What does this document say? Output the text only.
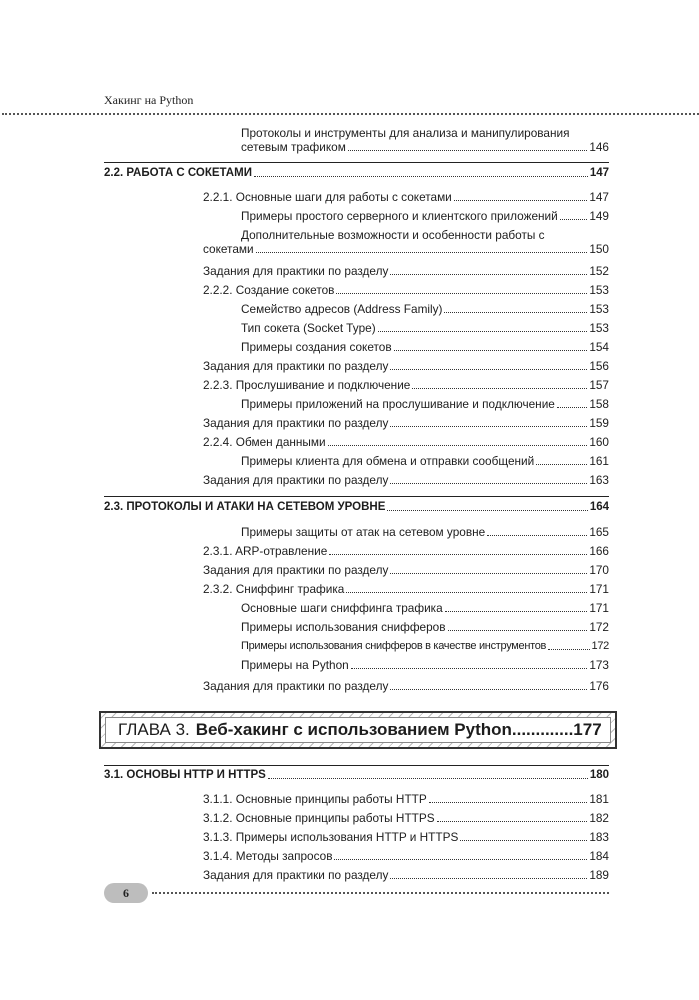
Хакинг на Python
Протоколы и инструменты для анализа и манипулирования
сетевым трафиком	146
2.2. РАБОТА С СОКЕТАМИ	147
2.2.1. Основные шаги для работы с сокетами	147
Примеры простого серверного и клиентского приложений	149
Дополнительные возможности и особенности работы с
сокетами	150
Задания для практики по разделу	152
2.2.2. Создание сокетов	153
Семейство адресов (Address Family)	153
Тип сокета (Socket Type)	153
Примеры создания сокетов	154
Задания для практики по разделу	156
2.2.3. Прослушивание и подключение	157
Примеры приложений на прослушивание и подключение	158
Задания для практики по разделу	159
2.2.4. Обмен данными	160
Примеры клиента для обмена и отправки сообщений	161
Задания для практики по разделу	163
2.3. ПРОТОКОЛЫ И АТАКИ НА СЕТЕВОМ УРОВНЕ	164
Примеры защиты от атак на сетевом уровне	165
2.3.1. ARP-отравление	166
Задания для практики по разделу	170
2.3.2. Сниффинг трафика	171
Основные шаги сниффинга трафика	171
Примеры использования снифферов	172
Примеры использования снифферов в качестве инструментов	172
Примеры на Python	173
Задания для практики по разделу	176
ГЛАВА 3. Веб-хакинг с использованием Python ............. 177
3.1. ОСНОВЫ HTTP И HTTPS	180
3.1.1. Основные принципы работы HTTP	181
3.1.2. Основные принципы работы HTTPS	182
3.1.3. Примеры использования HTTP и HTTPS	183
3.1.4. Методы запросов	184
Задания для практики по разделу	189
6
